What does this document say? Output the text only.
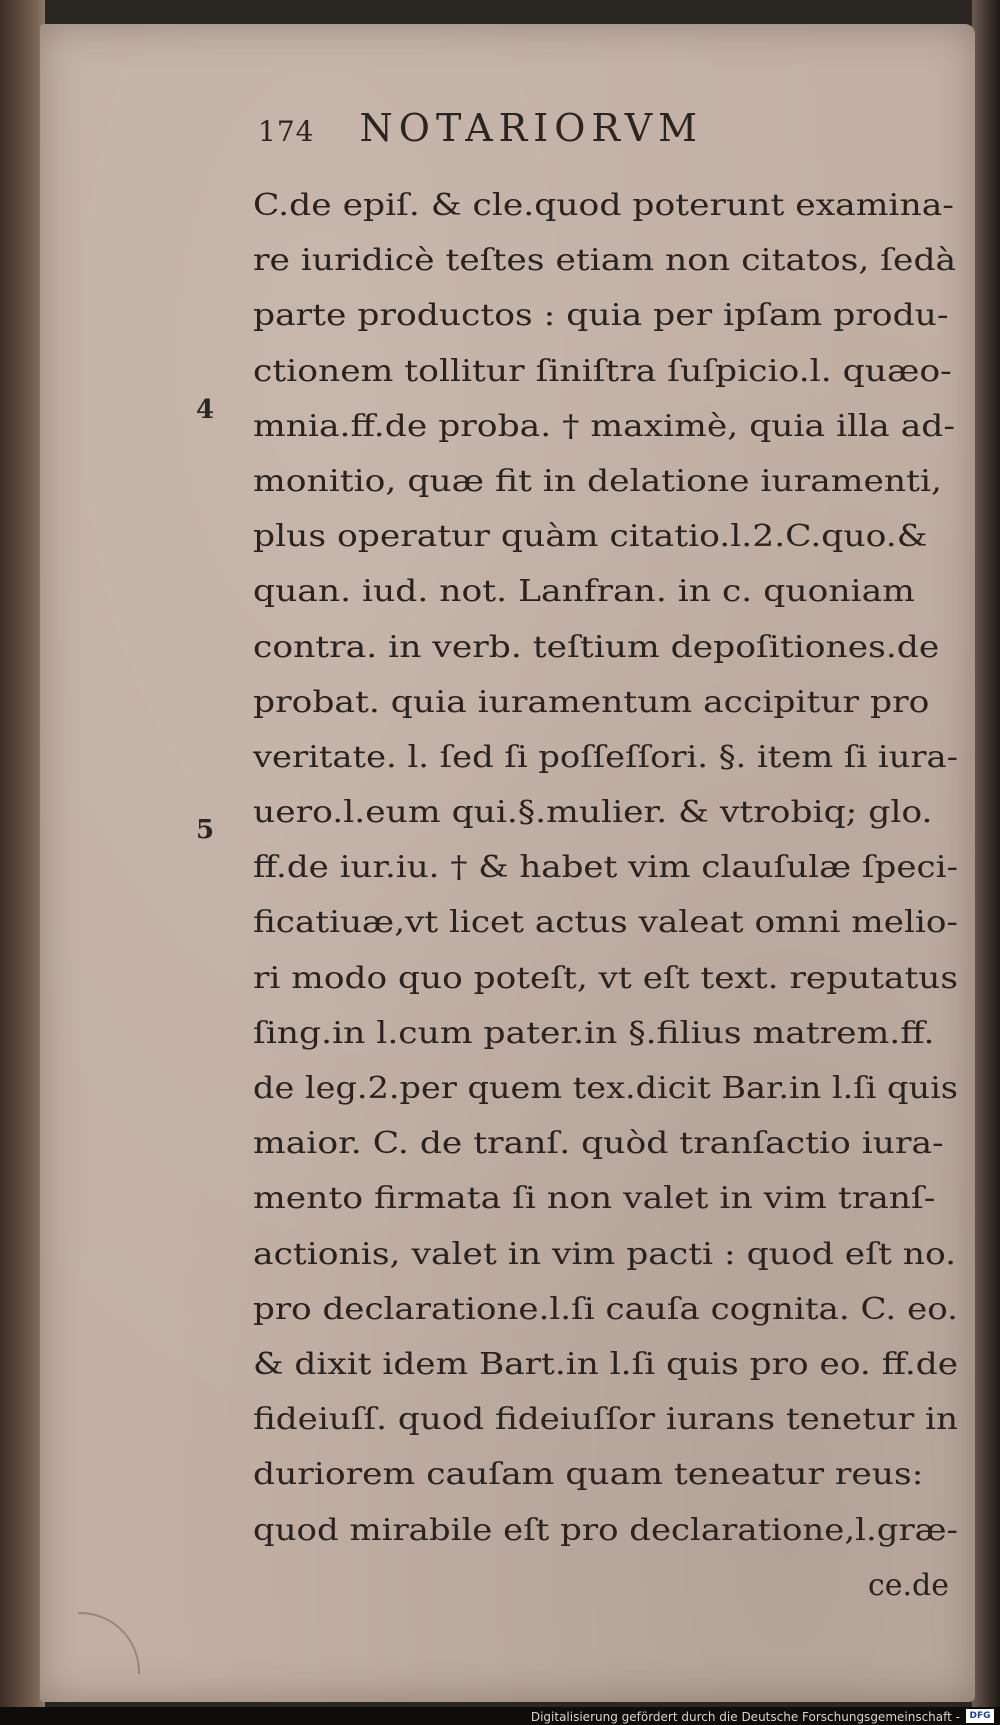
174 NOTARIORVM
4
5
C.de epiſ. & cle.quod poterunt examina-
re iuridicè teſtes etiam non citatos, ſedà
parte productos : quia per ipſam produ-
ctionem tollitur ſiniſtra ſuſpicio.l. quæo-
mnia.ff.de proba. † maximè, quia illa ad-
monitio, quæ fit in delatione iuramenti,
plus operatur quàm citatio.l.2.C.quo.&
quan. iud. not. Lanfran. in c. quoniam
contra. in verb. teſtium depoſitiones.de
probat. quia iuramentum accipitur pro
veritate. l. ſed ſi poſſeſſori. §. item ſi iura-
uero.l.eum qui.§.mulier. & vtrobiq; glo.
ff.de iur.iu. † & habet vim clauſulæ ſpeci-
ficatiuæ,vt licet actus valeat omni melio-
ri modo quo poteſt, vt eſt text. reputatus
ſing.in l.cum pater.in §.filius matrem.ff.
de leg.2.per quem tex.dicit Bar.in l.ſi quis
maior. C. de tranſ. quòd tranſactio iura-
mento firmata ſi non valet in vim tranſ-
actionis, valet in vim pacti : quod eſt no.
pro declaratione.l.ſi cauſa cognita. C. eo.
& dixit idem Bart.in l.ſi quis pro eo. ff.de
fideiuſſ. quod fideiuſſor iurans tenetur in
duriorem cauſam quam teneatur reus:
quod mirabile eſt pro declaratione,l.græ-
ce.de
Digitalisierung gefördert durch die Deutsche Forschungsgemeinschaft -	DFG
